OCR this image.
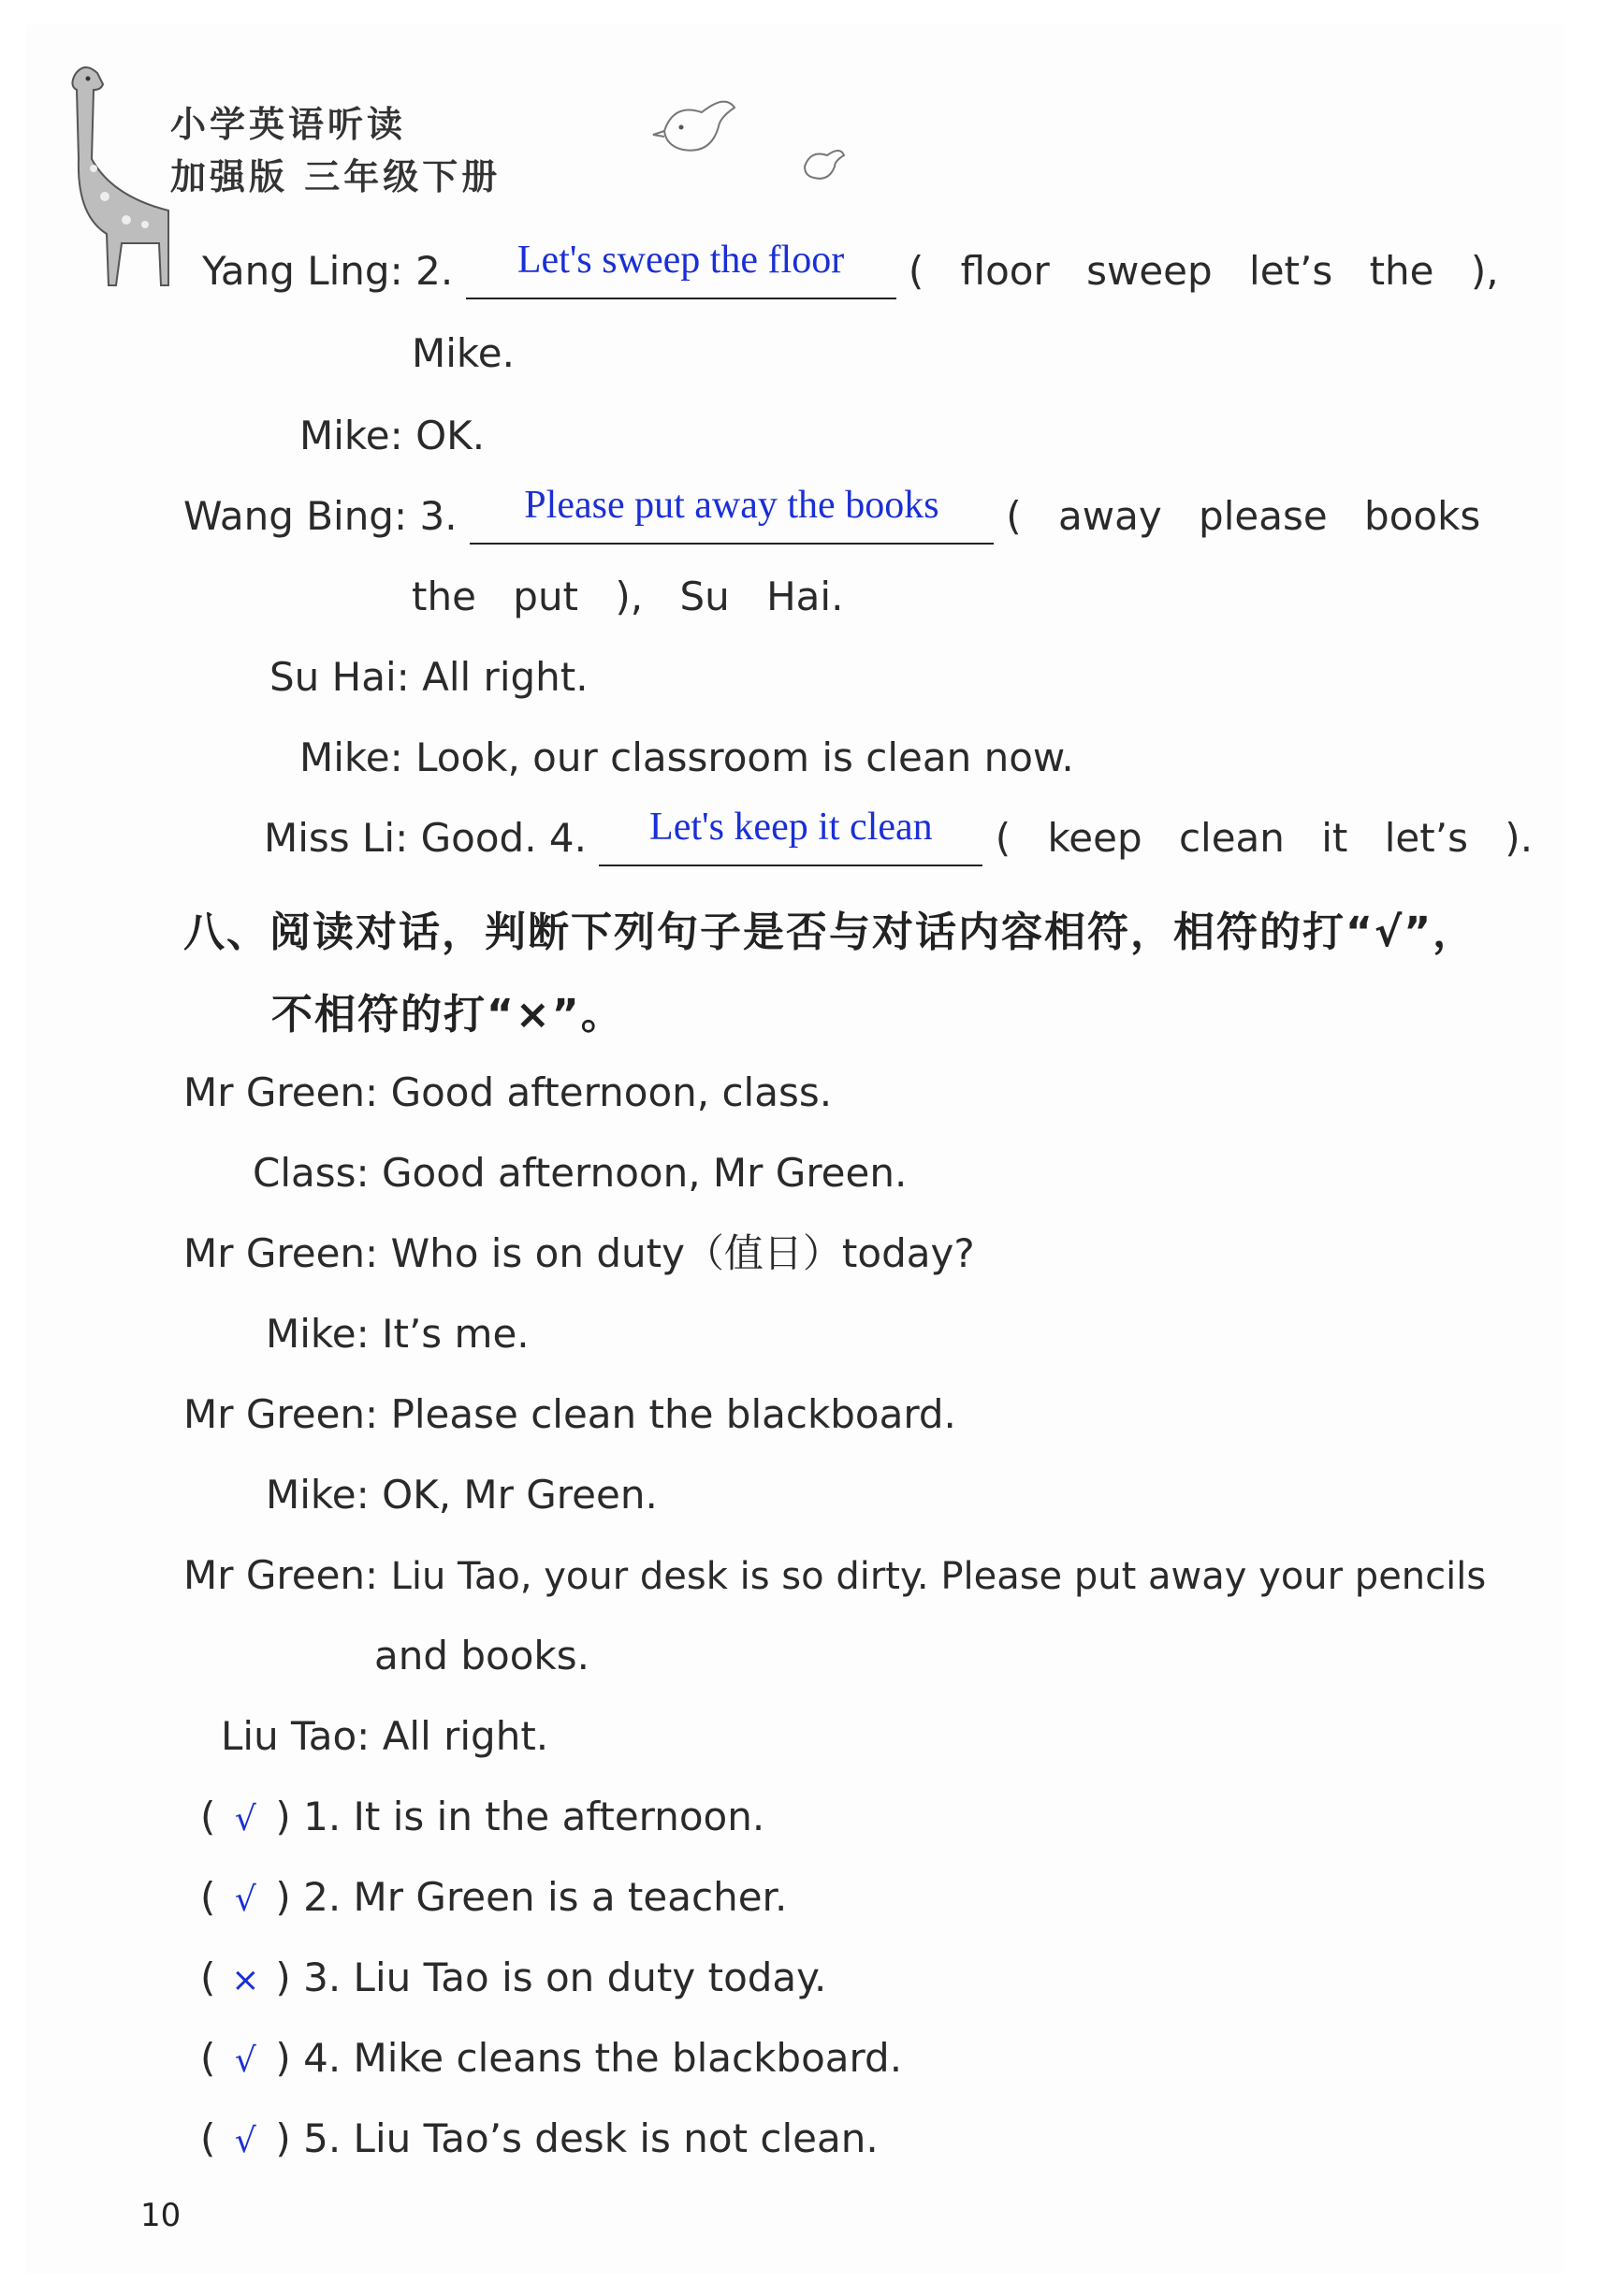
小学英语听读
加强版 三年级下册
Yang Ling: 2.	Let's sweep the floor	( floor sweep let’s the ),
Mike.
Mike: OK.
Wang Bing: 3.	Please put away the books	( away please books
the put ), Su Hai.
Su Hai: All right.
Mike: Look, our classroom is clean now.
Miss Li: Good. 4.	Let's keep it clean	( keep clean it let’s ).
八、阅读对话，判断下列句子是否与对话内容相符，相符的打“√”，
不相符的打“×”。
Mr Green: Good afternoon, class.
Class: Good afternoon, Mr Green.
Mr Green: Who is on duty（值日）today?
Mike: It’s me.
Mr Green: Please clean the blackboard.
Mike: OK, Mr Green.
Mr Green: Liu Tao, your desk is so dirty. Please put away your pencils
and books.
Liu Tao: All right.
( √ ) 1. It is in the afternoon.
( √ ) 2. Mr Green is a teacher.
( × ) 3. Liu Tao is on duty today.
( √ ) 4. Mike cleans the blackboard.
( √ ) 5. Liu Tao’s desk is not clean.
10
